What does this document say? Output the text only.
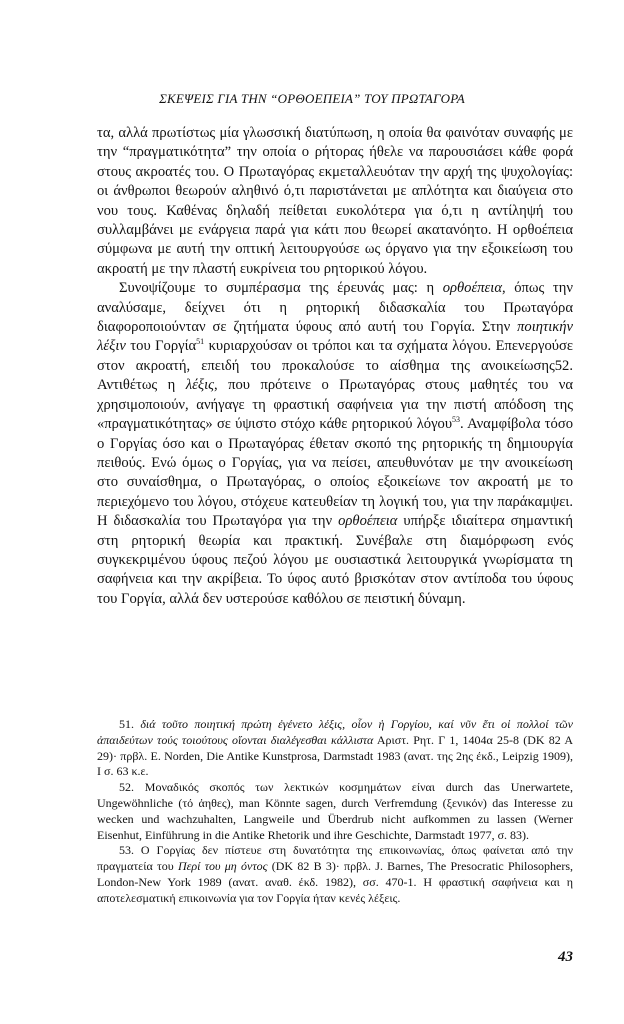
ΣΚΕΨΕΙΣ ΓΙΑ ΤΗΝ “ΟΡΘΟΕΠΕΙΑ” ΤΟΥ ΠΡΩΤΑΓΟΡΑ

τα, αλλά πρωτίστως μία γλωσσική διατύπωση, η οποία θα φαινόταν συναφής με την “πραγματικότητα” την οποία ο ρήτορας ήθελε να παρουσιάσει κάθε φορά στους ακροατές του. Ο Πρωταγόρας εκμεταλλευόταν την αρχή της ψυχολογίας: οι άνθρωποι θεωρούν αληθινό ό,τι παριστάνεται με απλότητα και διαύγεια στο νου τους. Καθένας δηλαδή πείθεται ευκολότερα για ό,τι η αντίληψή του συλλαμβάνει με ενάργεια παρά για κάτι που θεωρεί ακατανόητο. Η ορθοέπεια σύμφωνα με αυτή την οπτική λειτουργούσε ως όργανο για την εξοικείωση του ακροατή με την πλαστή ευκρίνεια του ρητορικού λόγου.

Συνοψίζουμε το συμπέρασμα της έρευνάς μας: η ορθοέπεια, όπως την αναλύσαμε, δείχνει ότι η ρητορική διδασκαλία του Πρωταγόρα διαφοροποιούνταν σε ζητήματα ύφους από αυτή του Γοργία. Στην ποιητικήν λέξιν του Γοργία$^{51}$ κυριαρχούσαν οι τρόποι και τα σχήματα λόγου. Επενεργούσε στον ακροατή, επειδή του προκαλούσε το αίσθημα της ανοικείωσης52. Αντιθέτως η λέξις, που πρότεινε ο Πρωταγόρας στους μαθητές του να χρησιμοποιούν, ανήγαγε τη φραστική σαφήνεια για την πιστή απόδοση της «πραγματικότητας» σε ύψιστο στόχο κάθε ρητορικού λόγου$^{53}$. Αναμφίβολα τόσο ο Γοργίας όσο και ο Πρωταγόρας έθεταν σκοπό της ρητορικής τη δημιουργία πειθούς. Ενώ όμως ο Γοργίας, για να πείσει, απευθυνόταν με την ανοικείωση στο συναίσθημα, ο Πρωταγόρας, ο οποίος εξοικείωνε τον ακροατή με το περιεχόμενο του λόγου, στόχευε κατευθείαν τη λογική του, για την παράκαμψει. Η διδασκαλία του Πρωταγόρα για την ορθοέπεια υπήρξε ιδιαίτερα σημαντική στη ρητορική θεωρία και πρακτική. Συνέβαλε στη διαμόρφωση ενός συγκεκριμένου ύφους πεζού λόγου με ουσιαστικά λειτουργικά γνωρίσματα τη σαφήνεια και την ακρίβεια. Το ύφος αυτό βρισκόταν στον αντίποδα του ύφους του Γοργία, αλλά δεν υστερούσε καθόλου σε πειστική δύναμη.

51. διά τοῦτο ποιητική πρώτη ἐγένετο λέξις, οἷον ἡ Γοργίου, καί νῦν ἔτι οἱ πολλοί τῶν ἀπαιδεύτων τούς τοιούτους οἴονται διαλέγεσθαι κάλλιστα Αριστ. Ρητ. Γ 1, 1404α 25-8 (DK 82 A 29)· πρβλ. E. Norden, Die Antike Kunstprosa, Darmstadt 1983 (ανατ. της 2ης έκδ., Leipzig 1909), Ι σ. 63 κ.ε.

52. Μοναδικός σκοπός των λεκτικών κοσμημάτων είναι durch das Unerwartete, Ungewöhnliche (τό ἀηθες), man Könnte sagen, durch Verfremdung (ξενικόν) das Interesse zu wecken und wachzuhalten, Langweile und Überdrub nicht aufkommen zu lassen (Werner Eisenhut, Einführung in die Antike Rhetorik und ihre Geschichte, Darmstadt 1977, σ. 83).

53. Ο Γοργίας δεν πίστευε στη δυνατότητα της επικοινωνίας, όπως φαίνεται από την πραγματεία του Περί του μη όντος (DK 82 B 3)· πρβλ. J. Barnes, The Presocratic Philosophers, London-New York 1989 (ανατ. αναθ. έκδ. 1982), σσ. 470-1. Η φραστική σαφήνεια και η αποτελεσματική επικοινωνία για τον Γοργία ήταν κενές λέξεις.

43
